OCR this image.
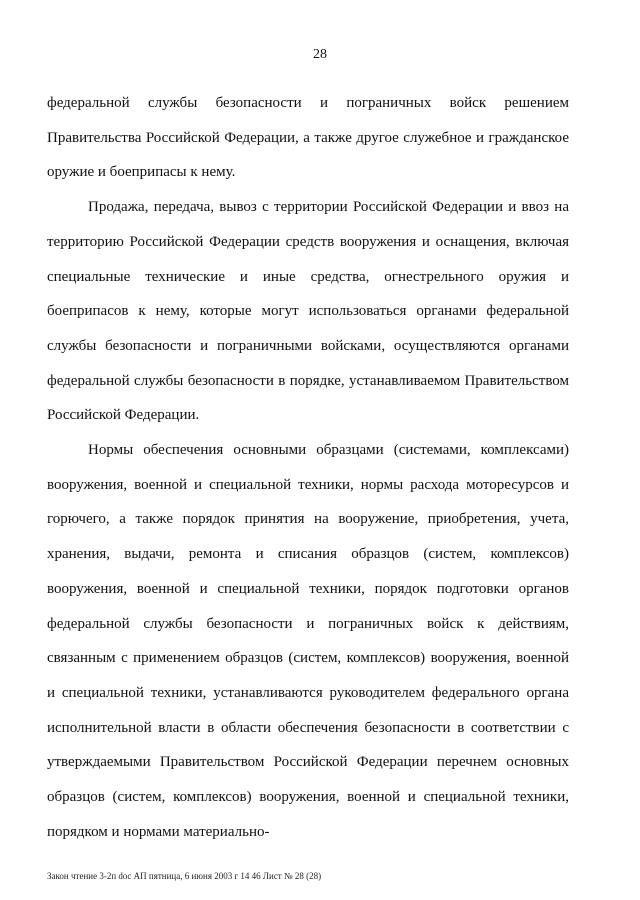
28

федеральной службы безопасности и пограничных войск решением Правительства Российской Федерации, а также другое служебное и гражданское оружие и боеприпасы к нему.

Продажа, передача, вывоз с территории Российской Федерации и ввоз на территорию Российской Федерации средств вооружения и оснащения, включая специальные технические и иные средства, огнестрельного оружия и боеприпасов к нему, которые могут использоваться органами федеральной службы безопасности и пограничными войсками, осуществляются органами федеральной службы безопасности в порядке, устанавливаемом Правительством Российской Федерации.

Нормы обеспечения основными образцами (системами, комплексами) вооружения, военной и специальной техники, нормы расхода моторесурсов и горючего, а также порядок принятия на вооружение, приобретения, учета, хранения, выдачи, ремонта и списания образцов (систем, комплексов) вооружения, военной и специальной техники, порядок подготовки органов федеральной службы безопасности и пограничных войск к действиям, связанным с применением образцов (систем, комплексов) вооружения, военной и специальной техники, устанавливаются руководителем федерального органа исполнительной власти в области обеспечения безопасности в соответствии с утверждаемыми Правительством Российской Федерации перечнем основных образцов (систем, комплексов) вооружения, военной и специальной техники, порядком и нормами материально-

Закон чтение 3-2п doc АП пятница, 6 июня 2003 г 14 46 Лист № 28 (28)
